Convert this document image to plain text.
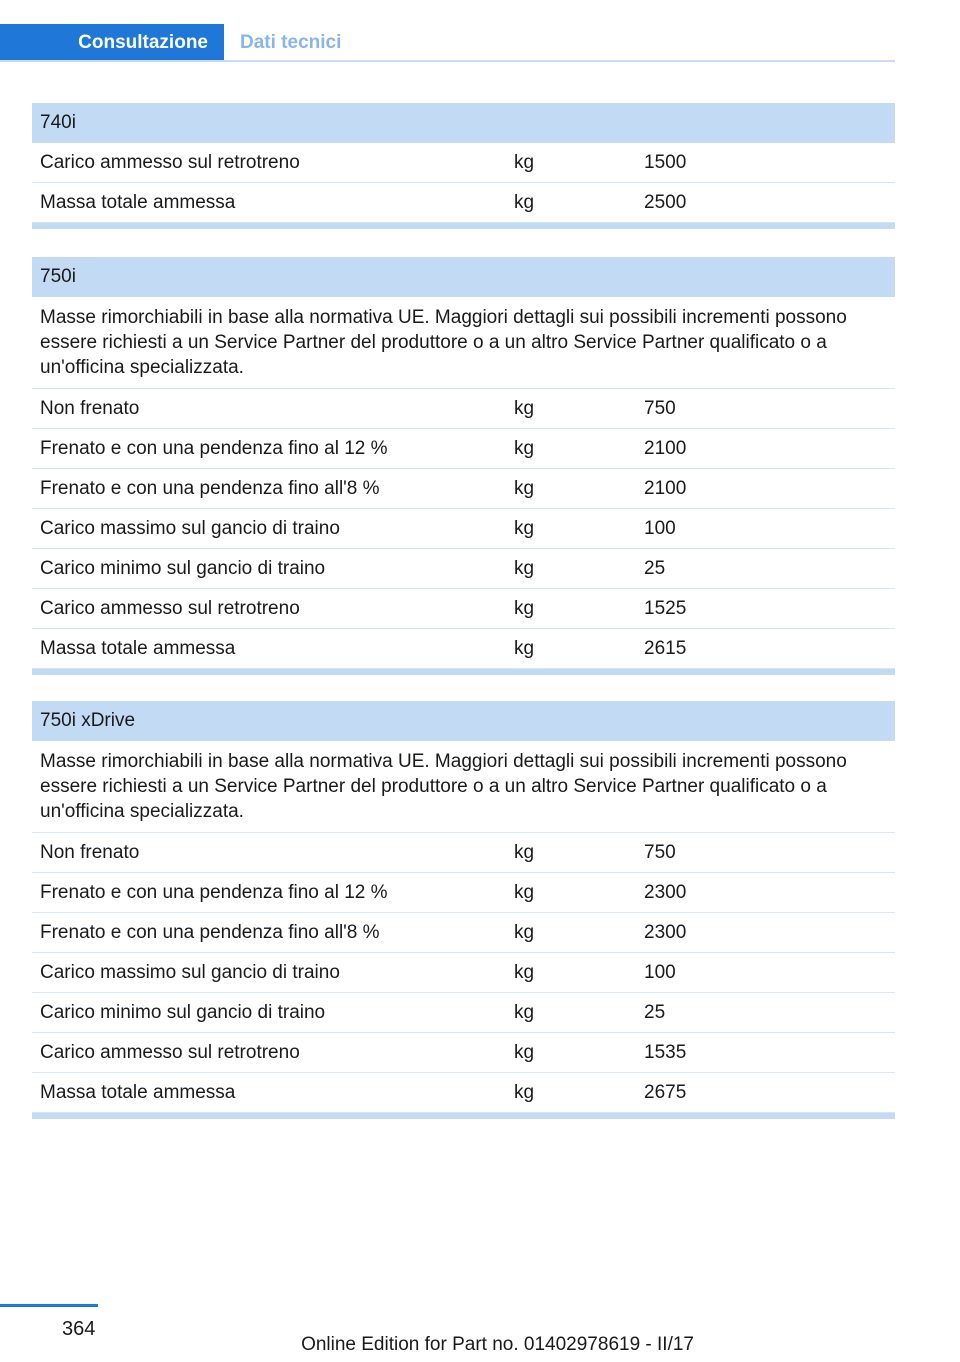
Consultazione	Dati tecnici
740i
Carico ammesso sul retrotreno	kg	1500
Massa totale ammessa	kg	2500
750i
Masse rimorchiabili in base alla normativa UE. Maggiori dettagli sui possibili incrementi possono essere richiesti a un Service Partner del produttore o a un altro Service Partner qualificato o a un'officina specializzata.
Non frenato	kg	750
Frenato e con una pendenza fino al 12 %	kg	2100
Frenato e con una pendenza fino all'8 %	kg	2100
Carico massimo sul gancio di traino	kg	100
Carico minimo sul gancio di traino	kg	25
Carico ammesso sul retrotreno	kg	1525
Massa totale ammessa	kg	2615
750i xDrive
Masse rimorchiabili in base alla normativa UE. Maggiori dettagli sui possibili incrementi possono essere richiesti a un Service Partner del produttore o a un altro Service Partner qualificato o a un'officina specializzata.
Non frenato	kg	750
Frenato e con una pendenza fino al 12 %	kg	2300
Frenato e con una pendenza fino all'8 %	kg	2300
Carico massimo sul gancio di traino	kg	100
Carico minimo sul gancio di traino	kg	25
Carico ammesso sul retrotreno	kg	1535
Massa totale ammessa	kg	2675
364
Online Edition for Part no. 01402978619 - II/17
